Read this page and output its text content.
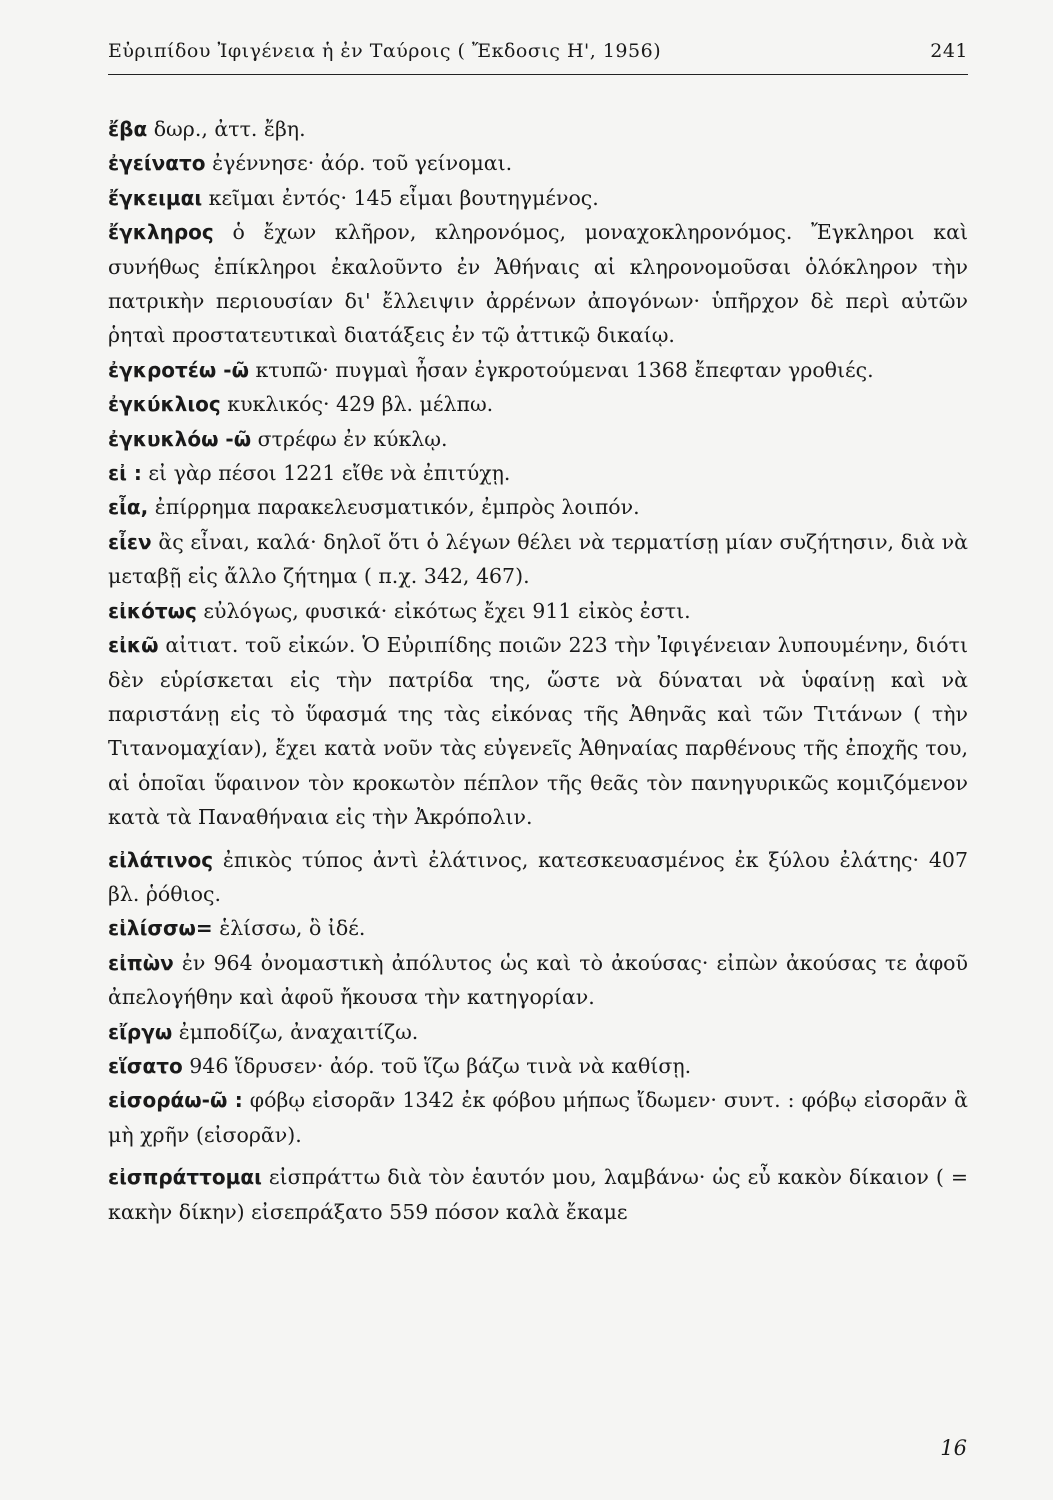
Εὐριπίδου Ἰφιγένεια ἡ ἐν Ταύροις ( Ἔκδοσις Η', 1956)	241

ἔβα δωρ., ἀττ. ἔβη.

ἐγείνατο ἐγέννησε· ἀόρ. τοῦ γείνομαι.

ἔγκειμαι κεῖμαι ἐντός· 145 εἶμαι βουτηγμένος.

ἔγκληρος ὁ ἔχων κλῆρον, κληρονόμος, μοναχοκληρονόμος. Ἔγκληροι καὶ συνήθως ἐπίκληροι ἐκαλοῦντο ἐν Ἀθήναις αἱ κληρονομοῦσαι ὁλόκληρον τὴν πατρικὴν περιουσίαν δι' ἔλλειψιν ἀρρένων ἀπογόνων· ὑπῆρχον δὲ περὶ αὐτῶν ῥηταὶ προστατευτικαὶ διατάξεις ἐν τῷ ἀττικῷ δικαίῳ.

ἐγκροτέω -ῶ κτυπῶ· πυγμαὶ ἦσαν ἐγκροτούμεναι 1368 ἔπεφταν γροθιές.

ἐγκύκλιος κυκλικός· 429 βλ. μέλπω.

ἐγκυκλόω -ῶ στρέφω ἐν κύκλῳ.

εἰ : εἰ γὰρ πέσοι 1221 εἴθε νὰ ἐπιτύχῃ.

εἶα, ἐπίρρημα παρακελευσματικόν, ἐμπρὸς λοιπόν.

εἶεν ἂς εἶναι, καλά· δηλοῖ ὅτι ὁ λέγων θέλει νὰ τερματίσῃ μίαν συζήτησιν, διὰ νὰ μεταβῇ εἰς ἄλλο ζήτημα ( π.χ. 342, 467).

εἰκότως εὐλόγως, φυσικά· εἰκότως ἔχει 911 εἰκὸς ἐστι.

εἰκῶ αἰτιατ. τοῦ εἰκών. Ὁ Εὐριπίδης ποιῶν 223 τὴν Ἰφιγένειαν λυπουμένην, διότι δὲν εὑρίσκεται εἰς τὴν πατρίδα της, ὥστε νὰ δύναται νὰ ὑφαίνῃ καὶ νὰ παριστάνῃ εἰς τὸ ὕφασμά της τὰς εἰκόνας τῆς Ἀθηνᾶς καὶ τῶν Τιτάνων ( τὴν Τιτανομαχίαν), ἔχει κατὰ νοῦν τὰς εὐγενεῖς Ἀθηναίας παρθένους τῆς ἐποχῆς του, αἱ ὁποῖαι ὕφαινον τὸν κροκωτὸν πέπλον τῆς θεᾶς τὸν πανηγυρικῶς κομιζόμενον κατὰ τὰ Παναθήναια εἰς τὴν Ἀκρόπολιν.

εἰλάτινος ἐπικὸς τύπος ἀντὶ ἐλάτινος, κατεσκευασμένος ἐκ ξύλου ἐλάτης· 407 βλ. ῥόθιος.

εἱλίσσω= ἑλίσσω, ὃ ἰδέ.

εἰπὼν ἐν 964 ὀνομαστικὴ ἀπόλυτος ὡς καὶ τὸ ἀκούσας· εἰπὼν ἀκούσας τε ἀφοῦ ἀπελογήθην καὶ ἀφοῦ ἤκουσα τὴν κατηγορίαν.

εἴργω ἐμποδίζω, ἀναχαιτίζω.

εἵσατο 946 ἵδρυσεν· ἀόρ. τοῦ ἵζω βάζω τινὰ νὰ καθίσῃ.

εἰσοράω-ῶ : φόβῳ εἰσορᾶν 1342 ἐκ φόβου μήπως ἴδωμεν· συντ. : φόβῳ εἰσορᾶν ἃ μὴ χρῆν (εἰσορᾶν).

εἰσπράττομαι εἰσπράττω διὰ τὸν ἑαυτόν μου, λαμβάνω· ὡς εὖ κακὸν δίκαιον ( = κακὴν δίκην) εἰσεπράξατο 559 πόσον καλὰ ἔκαμε

16
